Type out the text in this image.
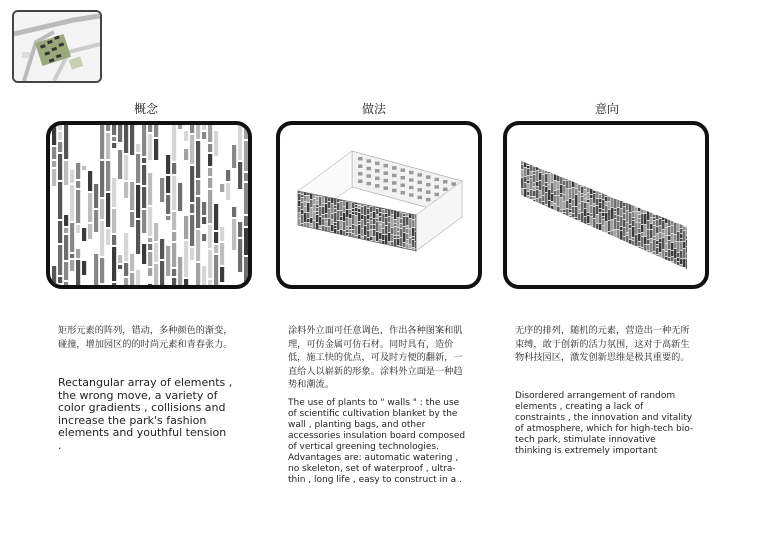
概念	做法	意向
矩形元素的阵列，错动，多种颜色的渐变，碰撞，增加园区的的时尚元素和青春张力。
Rectangular array of elements , the wrong move, a variety of color gradients , collisions and increase the park's fashion elements and youthful tension
.
涂料外立面可任意调色，作出各种图案和肌理，可仿金属可仿石材。同时具有，造价低，施工快的优点，可及时方便的翻新，一直给人以崭新的形象。涂料外立面是一种趋势和潮流。
The use of plants to " walls " : the use of scientific cultivation blanket by the wall , planting bags, and other accessories insulation board composed of vertical greening technologies. Advantages are: automatic watering , no skeleton, set of waterproof , ultra-thin , long life , easy to construct in a .
无序的排列，随机的元素，营造出一种无所束缚，敢于创新的活力氛围，这对于高新生物科技园区，激发创新思维是极其重要的。
Disordered arrangement of random elements , creating a lack of constraints , the innovation and vitality of atmosphere, which for high-tech bio- tech park, stimulate innovative thinking is extremely important
